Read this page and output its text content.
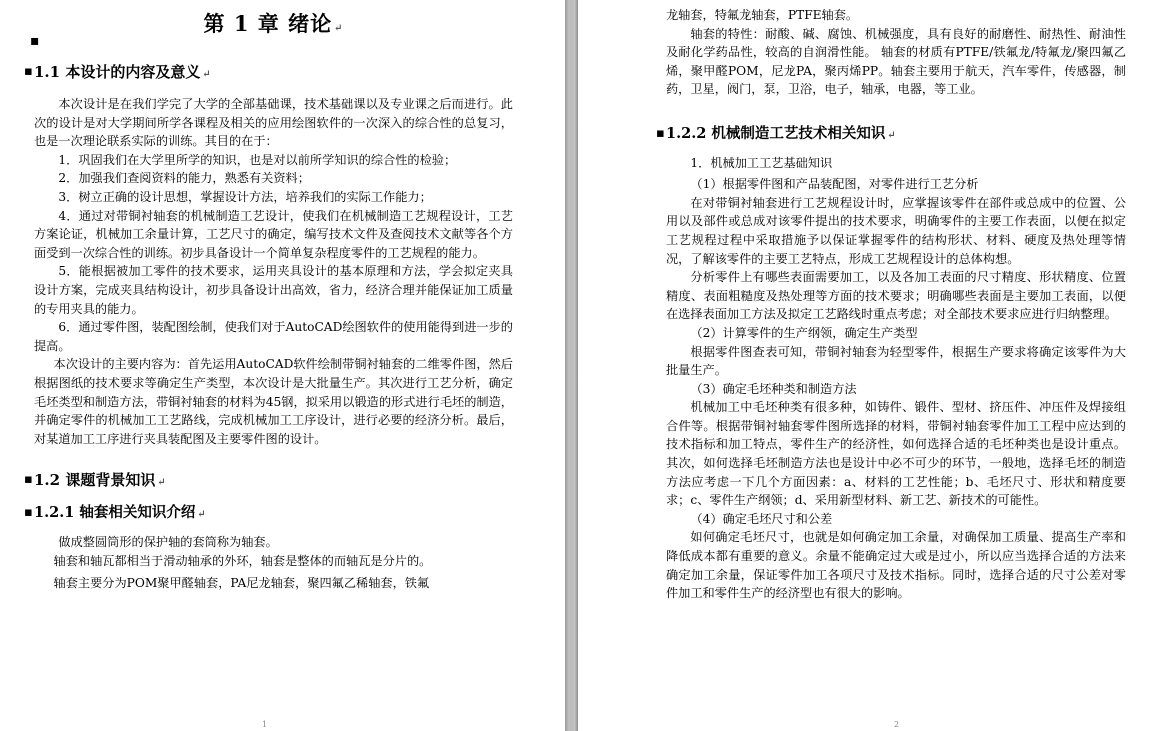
▪
第 1 章 绪论 ↵
▪ 1.1 本设计的内容及意义 ↵

本次设计是在我们学完了大学的全部基础课，技术基础课以及专业课之后而进行。此次的设计是对大学期间所学各课程及相关的应用绘图软件的一次深入的综合性的总复习，也是一次理论联系实际的训练。其目的在于：

1．巩固我们在大学里所学的知识，也是对以前所学知识的综合性的检验；

2．加强我们查阅资料的能力，熟悉有关资料；

3．树立正确的设计思想，掌握设计方法，培养我们的实际工作能力；

4．通过对带铜衬轴套的机械制造工艺设计，使我们在机械制造工艺规程设计，工艺方案论证，机械加工余量计算，工艺尺寸的确定，编写技术文件及查阅技术文献等各个方面受到一次综合性的训练。初步具备设计一个简单复杂程度零件的工艺规程的能力。

5．能根据被加工零件的技术要求，运用夹具设计的基本原理和方法，学会拟定夹具设计方案，完成夹具结构设计，初步具备设计出高效，省力，经济合理并能保证加工质量的专用夹具的能力。

6．通过零件图，装配图绘制，使我们对于AutoCAD绘图软件的使用能得到进一步的提高。

本次设计的主要内容为：首先运用AutoCAD软件绘制带铜衬轴套的二维零件图，然后根据图纸的技术要求等确定生产类型，本次设计是大批量生产。其次进行工艺分析，确定毛坯类型和制造方法，带铜衬轴套的材料为45钢，拟采用以锻造的形式进行毛坯的制造，并确定零件的机械加工工艺路线，完成机械加工工序设计，进行必要的经济分析。最后，对某道加工工序进行夹具装配图及主要零件图的设计。

▪ 1.2 课题背景知识 ↵
▪ 1.2.1 轴套相关知识介绍 ↵

做成整圆筒形的保护轴的套筒称为轴套。

轴套和轴瓦都相当于滑动轴承的外环，轴套是整体的而轴瓦是分片的。

轴套主要分为POM聚甲醛轴套，PA尼龙轴套，聚四氟乙稀轴套，铁氟

1

龙轴套，特氟龙轴套，PTFE轴套。

轴套的特性：耐酸、碱、腐蚀、机械强度，具有良好的耐磨性、耐热性、耐油性及耐化学药品性，较高的自润滑性能。 轴套的材质有PTFE/铁氟龙/特氟龙/聚四氟乙烯，聚甲醛POM，尼龙PA，聚丙烯PP。轴套主要用于航天，汽车零件，传感器，制药，卫星，阀门，泵，卫浴，电子，轴承，电器，等工业。

▪ 1.2.2 机械制造工艺技术相关知识 ↵

1．机械加工工艺基础知识

（1）根据零件图和产品装配图，对零件进行工艺分析

在对带铜衬轴套进行工艺规程设计时，应掌握该零件在部件或总成中的位置、公用以及部件或总成对该零件提出的技术要求，明确零件的主要工作表面，以便在拟定工艺规程过程中采取措施予以保证掌握零件的结构形状、材料、硬度及热处理等情况，了解该零件的主要工艺特点，形成工艺规程设计的总体构想。

分析零件上有哪些表面需要加工，以及各加工表面的尺寸精度、形状精度、位置精度、表面粗糙度及热处理等方面的技术要求；明确哪些表面是主要加工表面，以便在选择表面加工方法及拟定工艺路线时重点考虑；对全部技术要求应进行归纳整理。

（2）计算零件的生产纲领，确定生产类型

根据零件图查表可知，带铜衬轴套为轻型零件，根据生产要求将确定该零件为大批量生产。

（3）确定毛坯种类和制造方法

机械加工中毛坯种类有很多种，如铸件、锻件、型材、挤压件、冲压件及焊接组合件等。根据带铜衬轴套零件图所选择的材料，带铜衬轴套零件加工工程中应达到的技术指标和加工特点，零件生产的经济性，如何选择合适的毛坯种类也是设计重点。其次，如何选择毛坯制造方法也是设计中必不可少的环节，一般地，选择毛坯的制造方法应考虑一下几个方面因素：a、材料的工艺性能；b、毛坯尺寸、形状和精度要求；c、零件生产纲领；d、采用新型材料、新工艺、新技术的可能性。

（4）确定毛坯尺寸和公差

如何确定毛坯尺寸，也就是如何确定加工余量，对确保加工质量、提高生产率和降低成本都有重要的意义。余量不能确定过大或是过小，所以应当选择合适的方法来确定加工余量，保证零件加工各项尺寸及技术指标。同时，选择合适的尺寸公差对零件加工和零件生产的经济型也有很大的影响。

2
